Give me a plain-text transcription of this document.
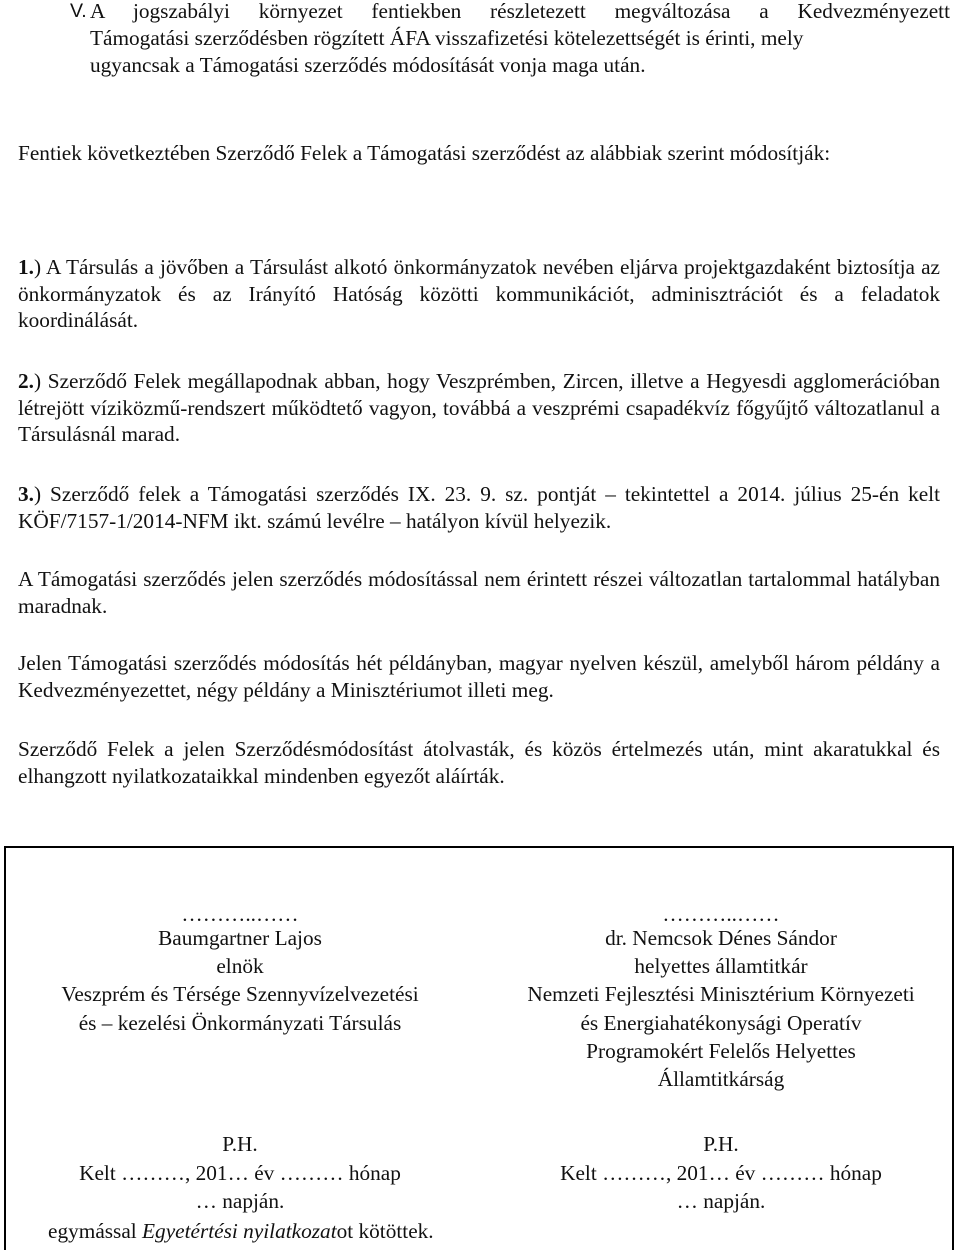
V. A jogszabályi környezet fentiekben részletezett megváltozása a Kedvezményezett
Támogatási szerződésben rögzített ÁFA visszafizetési kötelezettségét is érinti, mely
ugyancsak a Támogatási szerződés módosítását vonja maga után.

Fentiek következtében Szerződő Felek a Támogatási szerződést az alábbiak szerint módosítják:

1.) A Társulás a jövőben a Társulást alkotó önkormányzatok nevében eljárva projektgazdaként biztosítja az önkormányzatok és az Irányító Hatóság közötti kommunikációt, adminisztrációt és a feladatok koordinálását.

2.) Szerződő Felek megállapodnak abban, hogy Veszprémben, Zircen, illetve a Hegyesdi agglomerációban létrejött víziközmű-rendszert működtető vagyon, továbbá a veszprémi csapadékvíz főgyűjtő változatlanul a Társulásnál marad.

3.) Szerződő felek a Támogatási szerződés IX. 23. 9. sz. pontját – tekintettel a 2014. július 25-én kelt KÖF/7157-1/2014-NFM ikt. számú levélre – hatályon kívül helyezik.

A Támogatási szerződés jelen szerződés módosítással nem érintett részei változatlan tartalommal hatályban maradnak.

Jelen Támogatási szerződés módosítás hét példányban, magyar nyelven készül, amelyből három példány a Kedvezményezettet, négy példány a Minisztériumot illeti meg.

Szerződő Felek a jelen Szerződésmódosítást átolvasták, és közös értelmezés után, mint akaratukkal és elhangzott nyilatkozataikkal mindenben egyezőt aláírták.

………..……
Baumgartner Lajos
elnök
Veszprém és Térsége Szennyvízelvezetési
és – kezelési Önkormányzati Társulás
………..……
dr. Nemcsok Dénes Sándor
helyettes államtitkár
Nemzeti Fejlesztési Minisztérium Környezeti
és Energiahatékonysági Operatív
Programokért Felelős Helyettes
Államtitkárság
P.H.
Kelt ………, 201… év ……… hónap
… napján.
P.H.
Kelt ………, 201… év ……… hónap
… napján.
egymással Egyetértési nyilatkozatot kötöttek.
